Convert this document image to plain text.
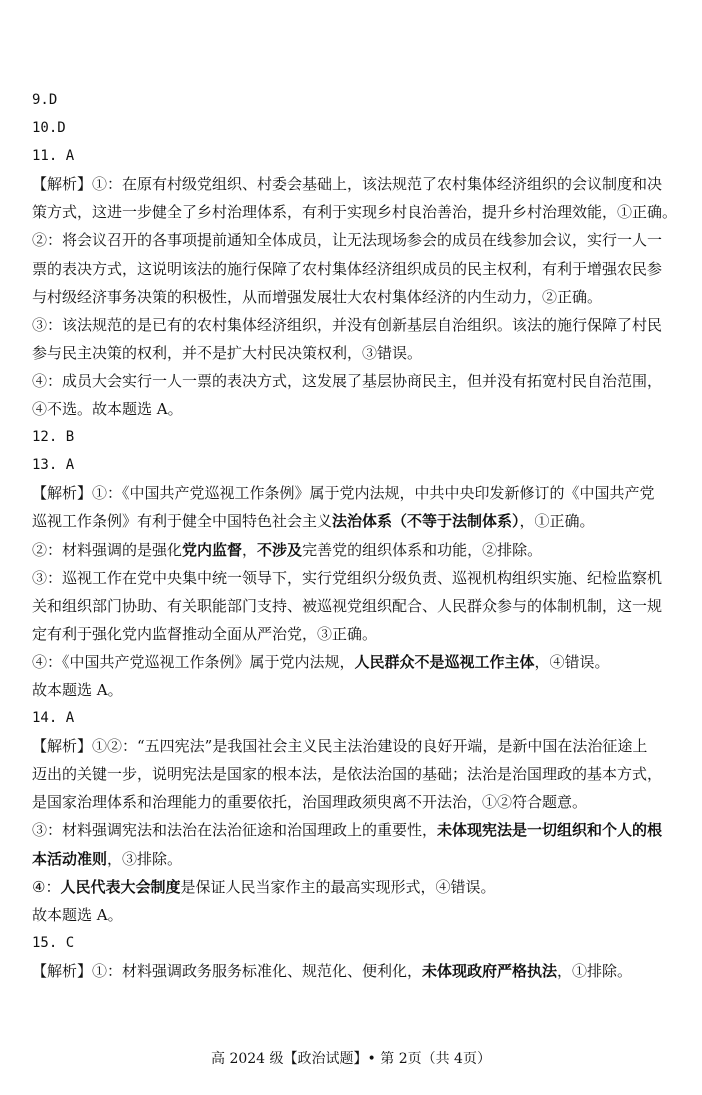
9.D
10.D
11. A
【解析】①：在原有村级党组织、村委会基础上，该法规范了农村集体经济组织的会议制度和决
策方式，这进一步健全了乡村治理体系，有利于实现乡村良治善治，提升乡村治理效能，①正确。
②：将会议召开的各事项提前通知全体成员，让无法现场参会的成员在线参加会议，实行一人一
票的表决方式，这说明该法的施行保障了农村集体经济组织成员的民主权利，有利于增强农民参
与村级经济事务决策的积极性，从而增强发展壮大农村集体经济的内生动力，②正确。
③：该法规范的是已有的农村集体经济组织，并没有创新基层自治组织。该法的施行保障了村民
参与民主决策的权利，并不是扩大村民决策权利，③错误。
④：成员大会实行一人一票的表决方式，这发展了基层协商民主，但并没有拓宽村民自治范围，
④不选。故本题选 A。
12. B
13. A
【解析】①：《中国共产党巡视工作条例》属于党内法规，中共中央印发新修订的《中国共产党
巡视工作条例》有利于健全中国特色社会主义法治体系（不等于法制体系），①正确。
②：材料强调的是强化党内监督，不涉及完善党的组织体系和功能，②排除。
③：巡视工作在党中央集中统一领导下，实行党组织分级负责、巡视机构组织实施、纪检监察机
关和组织部门协助、有关职能部门支持、被巡视党组织配合、人民群众参与的体制机制，这一规
定有利于强化党内监督推动全面从严治党，③正确。
④：《中国共产党巡视工作条例》属于党内法规，人民群众不是巡视工作主体，④错误。
故本题选 A。
14. A
【解析】①②：“五四宪法”是我国社会主义民主法治建设的良好开端，是新中国在法治征途上
迈出的关键一步，说明宪法是国家的根本法，是依法治国的基础；法治是治国理政的基本方式，
是国家治理体系和治理能力的重要依托，治国理政须臾离不开法治，①②符合题意。
③：材料强调宪法和法治在法治征途和治国理政上的重要性，未体现宪法是一切组织和个人的根
本活动准则，③排除。
④：人民代表大会制度是保证人民当家作主的最高实现形式，④错误。
故本题选 A。
15. C
【解析】①：材料强调政务服务标准化、规范化、便利化，未体现政府严格执法，①排除。
高 2024 级【政治试题】• 第 2页（共 4页）
